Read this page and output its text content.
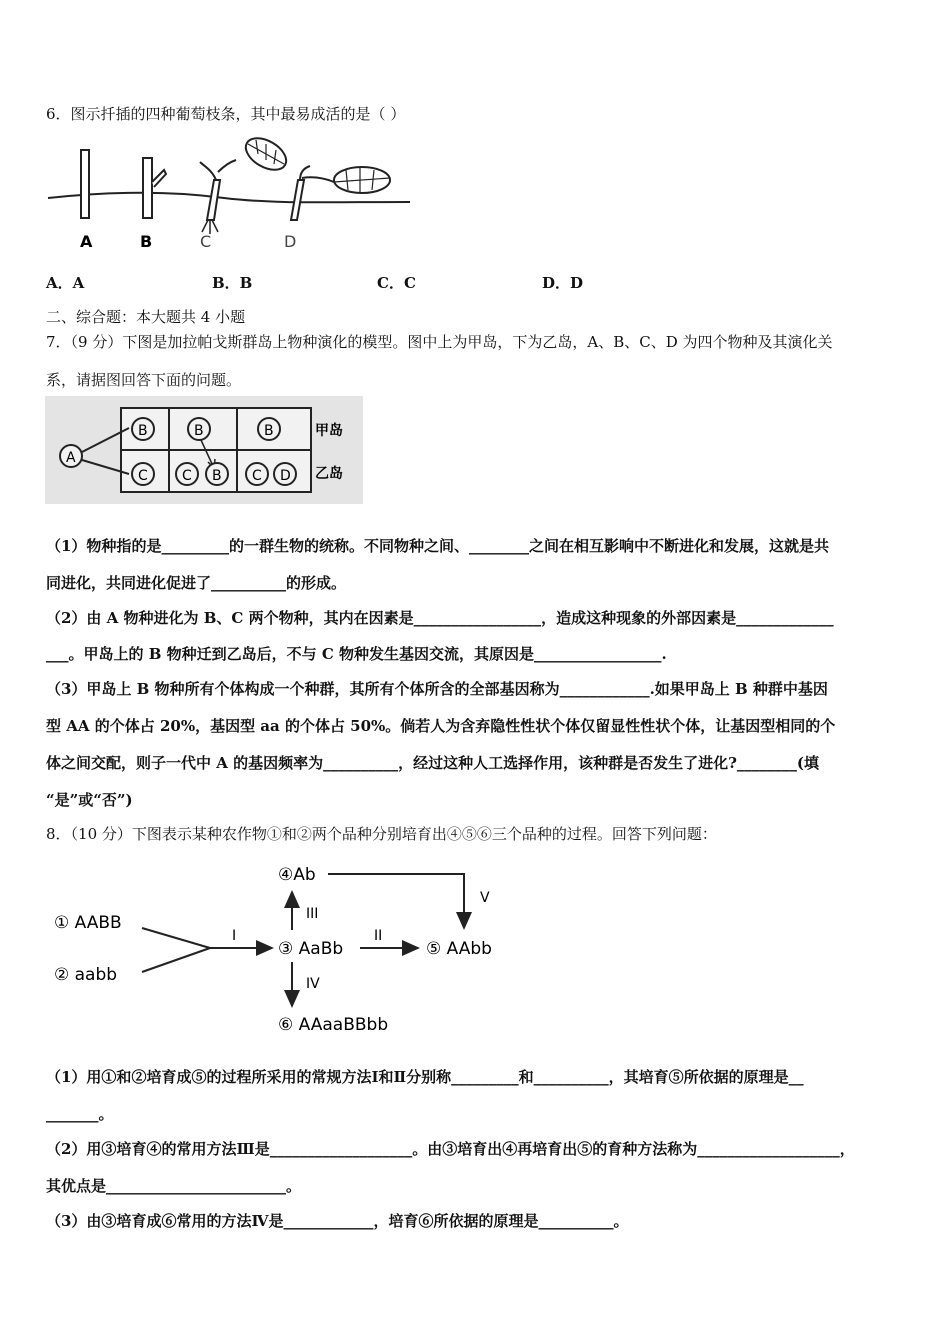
6．图示扦插的四种葡萄枝条，其中最易成活的是（ ）
A	B	C	D
A．A	B．B	C．C	D．D
二、综合题：本大题共 4 小题
7．（9 分）下图是加拉帕戈斯群岛上物种演化的模型。图中上为甲岛，下为乙岛，A、B、C、D 为四个物种及其演化关
系，请据图回答下面的问题。
A
B	B	B
C C B C D
甲岛
乙岛
（1）物种指的是_________的一群生物的统称。不同物种之间、________之间在相互影响中不断进化和发展，这就是共
同进化，共同进化促进了__________的形成。
（2）由 A 物种进化为 B、C 两个物种，其内在因素是_________________，造成这种现象的外部因素是_____________
___。甲岛上的 B 物种迁到乙岛后，不与 C 物种发生基因交流，其原因是_________________.
（3）甲岛上 B 物种所有个体构成一个种群，其所有个体所含的全部基因称为____________.如果甲岛上 B 种群中基因
型 AA 的个体占 20%，基因型 aa 的个体占 50%。倘若人为含弃隐性性状个体仅留显性性状个体，让基因型相同的个
体之间交配，则子一代中 A 的基因频率为__________，经过这种人工选择作用，该种群是否发生了进化?________(填
“是”或“否”)
8．（10 分）下图表示某种农作物①和②两个品种分别培育出④⑤⑥三个品种的过程。回答下列问题：
① AABB
② aabb
I
③ AaBb
④Ab
III
II
⑤ AAbb
V
IV
⑥ AAaaBBbb
（1）用①和②培育成⑤的过程所采用的常规方法Ⅰ和Ⅱ分别称_________和__________，其培育⑤所依据的原理是__
_______。
（2）用③培育④的常用方法Ⅲ是___________________。由③培育出④再培育出⑤的育种方法称为___________________，
其优点是________________________。
（3）由③培育成⑥常用的方法Ⅳ是____________，培育⑥所依据的原理是__________。
